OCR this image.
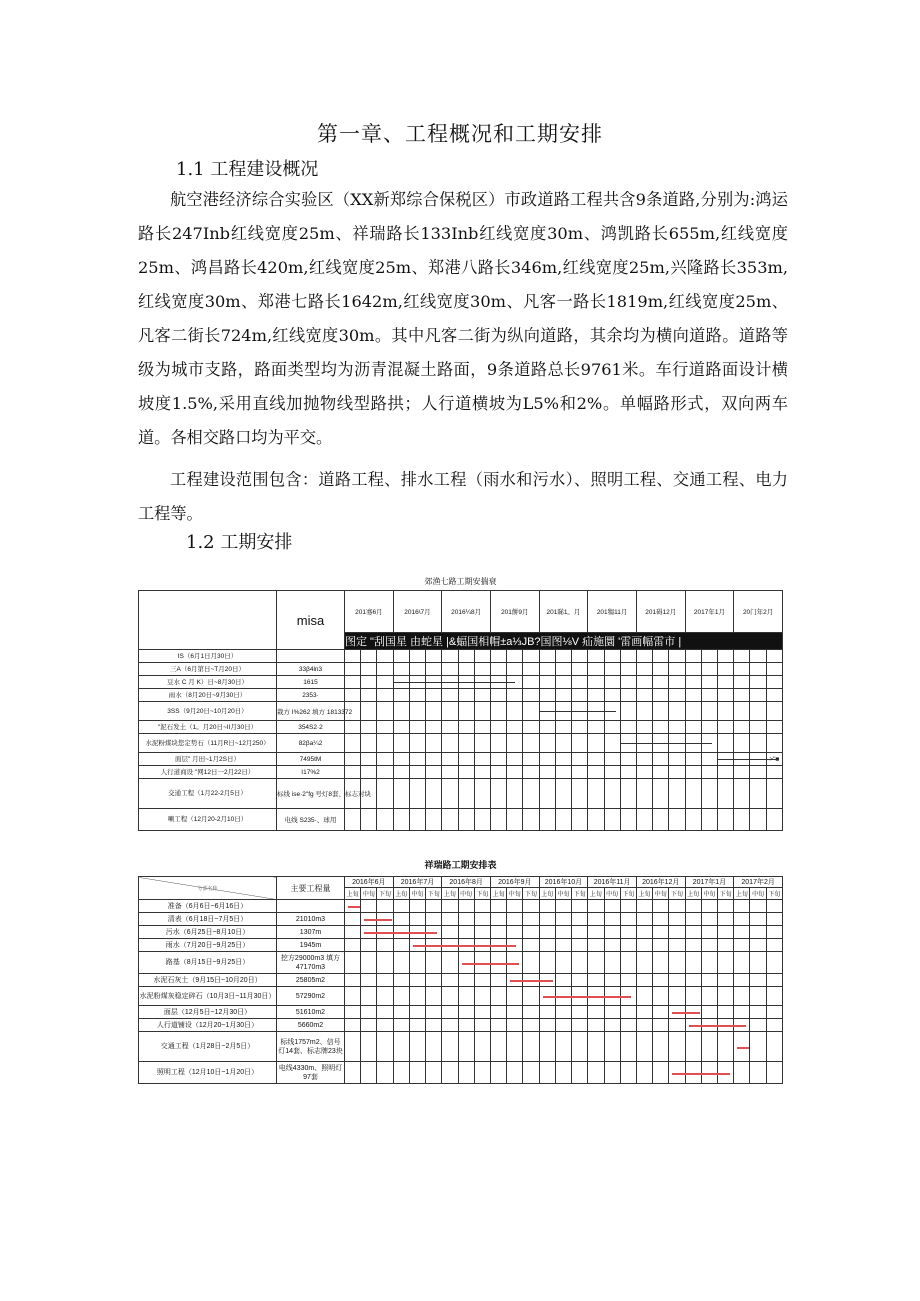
第一章、工程概况和工期安排
1.1 工程建设概况

航空港经济综合实验区（XX新郑综合保税区）市政道路工程共含9条道路,分别为:鸿运路长247Inb红线宽度25m、祥瑞路长133Inb红线宽度30m、鸿凯路长655m,红线宽度25m、鸿昌路长420m,红线宽度25m、郑港八路长346m,红线宽度25m,兴隆路长353m,红线宽度30m、郑港七路长1642m,红线宽度30m、凡客一路长1819m,红线宽度25m、凡客二街长724m,红线宽度30m。其中凡客二街为纵向道路，其余均为横向道路。道路等级为城市支路，路面类型均为沥青混凝土路面，9条道路总长9761米。车行道路面设计横坡度1.5%,采用直线加抛物线型路拱；人行道横坡为L5%和2%。单幅路形式，双向两车道。各相交路口均为平交。

工程建设范围包含：道路工程、排水工程（雨水和污水）、照明工程、交通工程、电力工程等。

1.2 工期安排
郊渔七路工期安揣衰
	misa	201骞6月			2016\7月			2016¼8月			201餅9月			201睇1。月			201犓11月			201碍12月			2017年1月			20门年2月		
		图定 "刮国星 由蛇星 |&蝠国相帽±a⅓JB?国图⅛V 疝施圜 '雷画幅雷市 |																										
IS（6月1日月30日）																												
三A（6月第日~T月20日）	33β4ln3																											
豆水 C 月 K）日~8月30日）	1615				

雨水（8月20日~9月30日）	2353·																											
3SS（9月20日~10月20日）	栽方 I%262 填方 1813372													

"泥石发土（1。月20日~II月30日）	354S2·2																											
水泥粉煤块您定势石（11月R日~12月250）	82βa¼2																		

面层" 月田~1月2S日）	7495tM																											>"■
人行道商设 "网12日一2月22日）	I17%2																											
交通工程（1月22-2月5日）	标线 ise·2"fg 号灯8套、标志对块																											
喇工程（12月20-2月10日）	电线 S235·、球用																											
祥瑞路工期安排表
分部名称	主要工程量	2016年6月			2016年7月			2016年8月			2016年9月			2016年10月			2016年11月			2016年12月			2017年1月			2017年2月		
		上旬	中旬	下旬	上旬	中旬	下旬	上旬	中旬	下旬	上旬	中旬	下旬	上旬	中旬	下旬	上旬	中旬	下旬	上旬	中旬	下旬	上旬	中旬	下旬	上旬	中旬	下旬
准备（6月6日~6月16日）		

清表（6月18日~7月5日）	21010m3		

污水（6月25日~8月10日）	1307m		

雨水（7月20日~9月25日）	1945m					

路基（8月15日~9月25日）	挖方29000m3 填方47170m3								

水泥石灰土（9月15日~10月20日）	25805m2											

水泥粉煤灰稳定碎石（10月3日~11月30日）	57290m2													

面层（12月5日~12月30日）	51610m2																					

人行道铺设（12月20~1月30日）	5660m2																						

交通工程（1月28日~2月5日）	标线1757m2、信号灯14套、标志牌23块																									

照明工程（12月10日~1月20日）	电线4330m、照明灯97套																					
